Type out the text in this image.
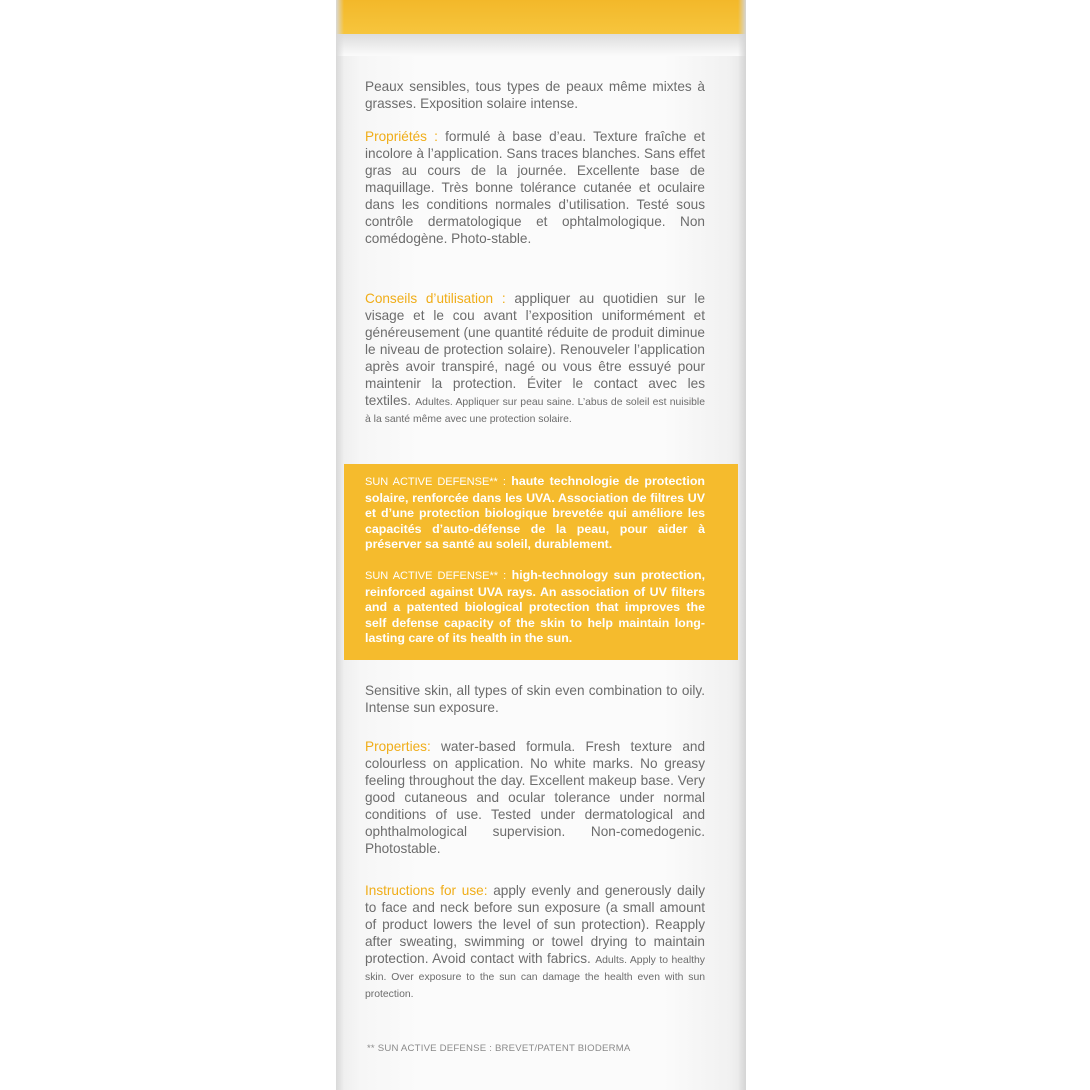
Peaux sensibles, tous types de peaux même mixtes à grasses. Exposition solaire intense.
Propriétés : formulé à base d’eau. Texture fraîche et incolore à l’application. Sans traces blanches. Sans effet gras au cours de la journée. Excellente base de maquillage. Très bonne tolérance cutanée et oculaire dans les conditions normales d’utilisation. Testé sous contrôle dermatologique et ophtalmologique. Non comédogène. Photo-stable.
Conseils d’utilisation : appliquer au quotidien sur le visage et le cou avant l’exposition uniformément et généreusement (une quantité réduite de produit diminue le niveau de protection solaire). Renouveler l’application après avoir transpiré, nagé ou vous être essuyé pour maintenir la protection. Éviter le contact avec les textiles. Adultes. Appliquer sur peau saine. L’abus de soleil est nuisible à la santé même avec une protection solaire.
SUN ACTIVE DEFENSE** : haute technologie de protection solaire, renforcée dans les UVA. Association de filtres UV et d’une protection biologique brevetée qui améliore les capacités d’auto-défense de la peau, pour aider à préserver sa santé au soleil, durablement.
SUN ACTIVE DEFENSE** : high-technology sun protection, reinforced against UVA rays. An association of UV filters and a patented biological protection that improves the self defense capacity of the skin to help maintain long-lasting care of its health in the sun.
Sensitive skin, all types of skin even combination to oily. Intense sun exposure.
Properties: water-based formula. Fresh texture and colourless on application. No white marks. No greasy feeling throughout the day. Excellent makeup base. Very good cutaneous and ocular tolerance under normal conditions of use. Tested under dermatological and ophthalmological supervision. Non-comedogenic. Photostable.
Instructions for use: apply evenly and generously daily to face and neck before sun exposure (a small amount of product lowers the level of sun protection). Reapply after sweating, swimming or towel drying to maintain protection. Avoid contact with fabrics. Adults. Apply to healthy skin. Over exposure to the sun can damage the health even with sun protection.
** SUN ACTIVE DEFENSE : BREVET/PATENT BIODERMA
